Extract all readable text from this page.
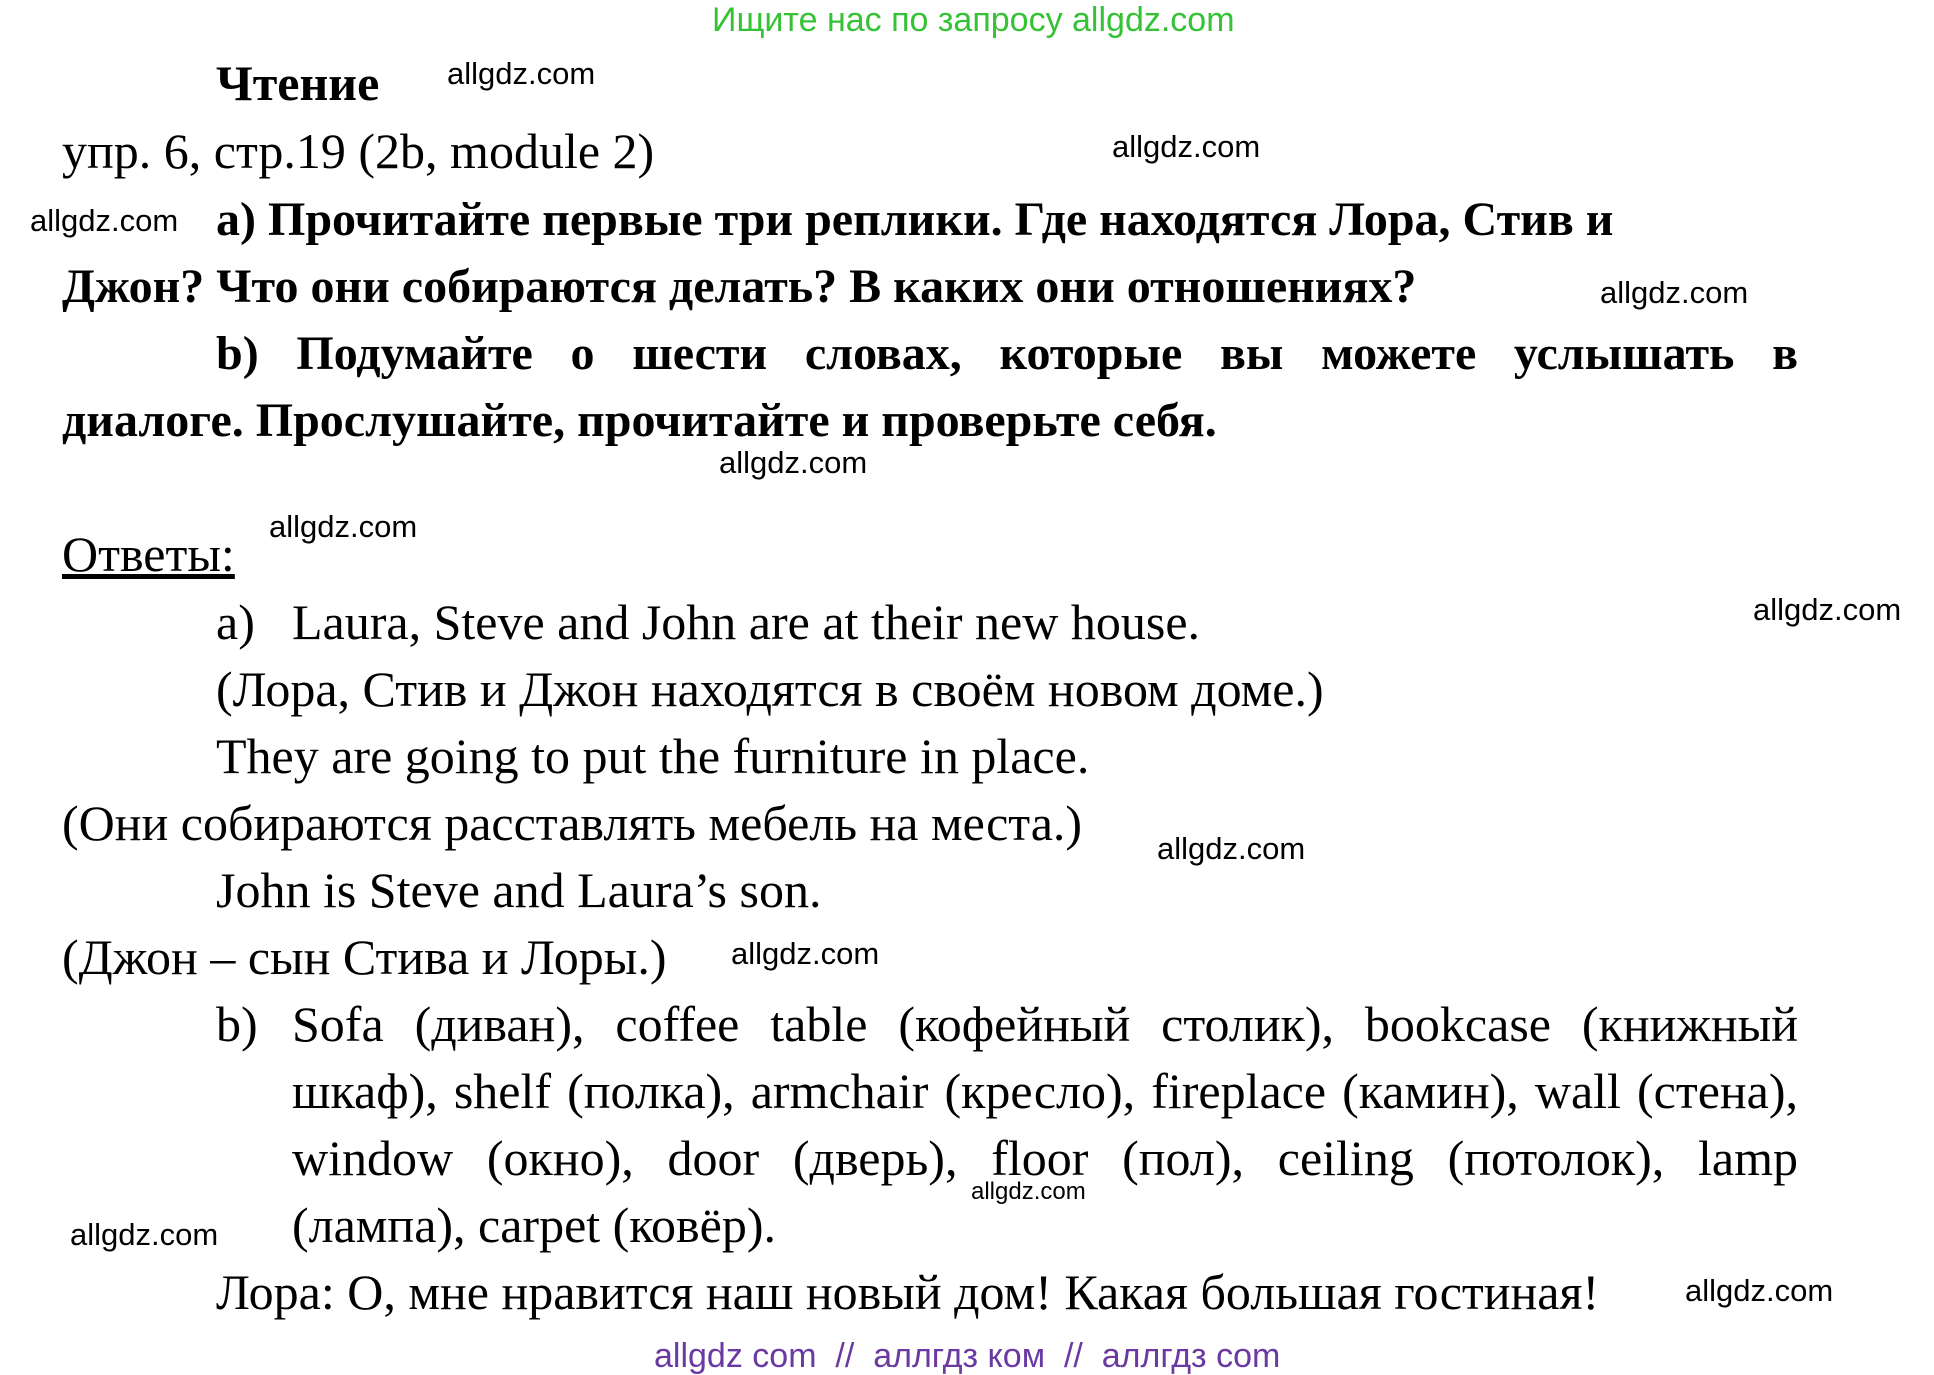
Ищите нас по запросу allgdz.com
Чтение allgdz.com
упр. 6, стр.19 (2b, module 2)	allgdz.com
allgdz.com а) Прочитайте первые три реплики. Где находятся Лора, Стив и
Джон? Что они собираются делать? В каких они отношениях?	allgdz.com
b) Подумайте о шести словах, которые вы можете услышать в
диалоге. Прослушайте, прочитайте и проверьте себя.
allgdz.com
Ответы: allgdz.com
a) Laura, Steve and John are at their new house.	allgdz.com
(Лора, Стив и Джон находятся в своём новом доме.)
They are going to put the furniture in place.
(Они собираются расставлять мебель на места.) allgdz.com
John is Steve and Laura’s son.
(Джон – сын Стива и Лоры.) allgdz.com
b) Sofa (диван), coffee table (кофейный столик), bookcase (книжный
шкаф), shelf (полка), armchair (кресло), fireplace (камин), wall (стена),
window (окно), door (дверь), floor (пол), ceiling (потолок), lamp
allgdz.com
allgdz.com (лампа), carpet (ковёр).
Лора: О, мне нравится наш новый дом! Какая большая гостиная!	allgdz.com
allgdz com  //  аллгдз ком  //  аллгдз com
